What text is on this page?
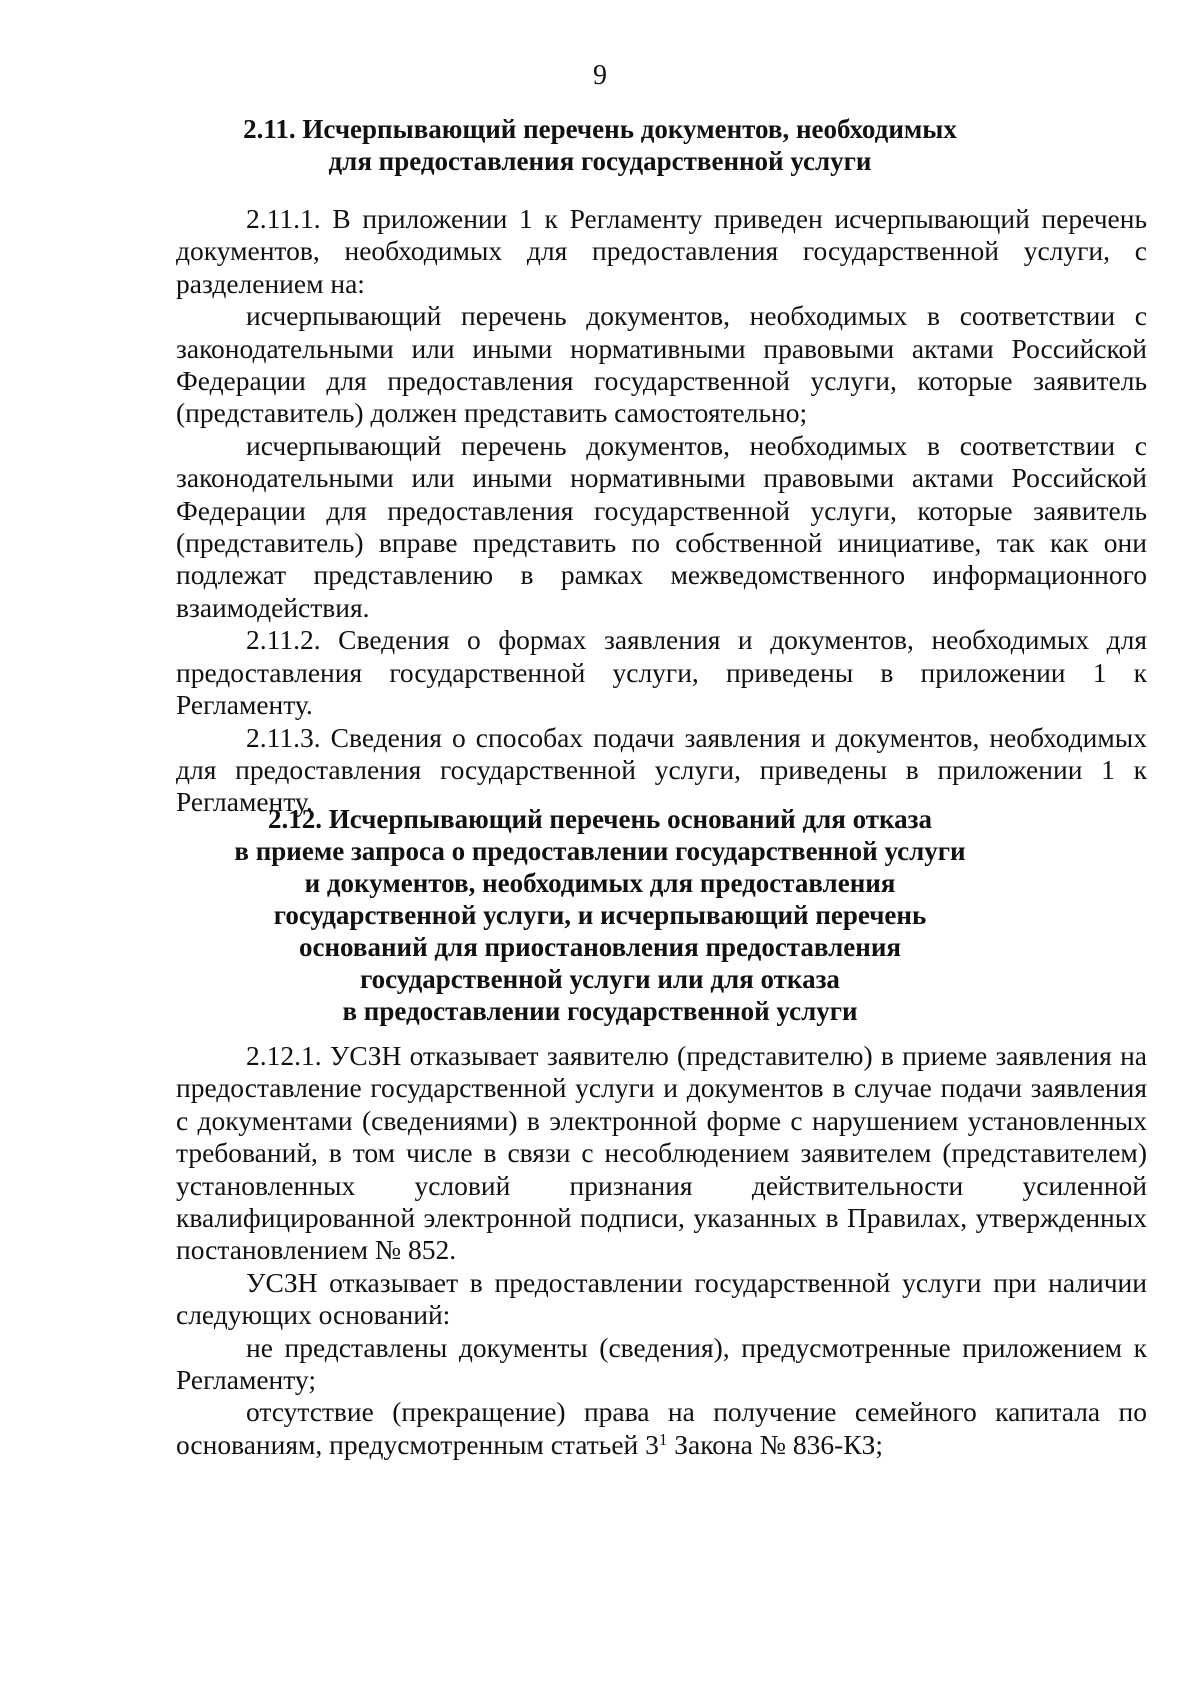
9
2.11. Исчерпывающий перечень документов, необходимых
для предоставления государственной услуги

2.11.1. В приложении 1 к Регламенту приведен исчерпывающий перечень документов, необходимых для предоставления государственной услуги, с разделением на:

исчерпывающий перечень документов, необходимых в соответствии с законодательными или иными нормативными правовыми актами Российской Федерации для предоставления государственной услуги, которые заявитель (представитель) должен представить самостоятельно;

исчерпывающий перечень документов, необходимых в соответствии с законодательными или иными нормативными правовыми актами Российской Федерации для предоставления государственной услуги, которые заявитель (представитель) вправе представить по собственной инициативе, так как они подлежат представлению в рамках межведомственного информационного взаимодействия.

2.11.2. Сведения о формах заявления и документов, необходимых для предоставления государственной услуги, приведены в приложении 1 к Регламенту.

2.11.3. Сведения о способах подачи заявления и документов, необходимых для предоставления государственной услуги, приведены в приложении 1 к Регламенту.

2.12. Исчерпывающий перечень оснований для отказа
в приеме запроса о предоставлении государственной услуги
и документов, необходимых для предоставления
государственной услуги, и исчерпывающий перечень
оснований для приостановления предоставления
государственной услуги или для отказа
в предоставлении государственной услуги

2.12.1. УСЗН отказывает заявителю (представителю) в приеме заявления на предоставление государственной услуги и документов в случае подачи заявления с документами (сведениями) в электронной форме с нарушением установленных требований, в том числе в связи с несоблюдением заявителем (представителем) установленных условий признания действительности усиленной квалифицированной электронной подписи, указанных в Правилах, утвержденных постановлением № 852.

УСЗН отказывает в предоставлении государственной услуги при наличии следующих оснований:

не представлены документы (сведения), предусмотренные приложением к Регламенту;

отсутствие (прекращение) права на получение семейного капитала по основаниям, предусмотренным статьей $3^1$ Закона № 836-КЗ;
